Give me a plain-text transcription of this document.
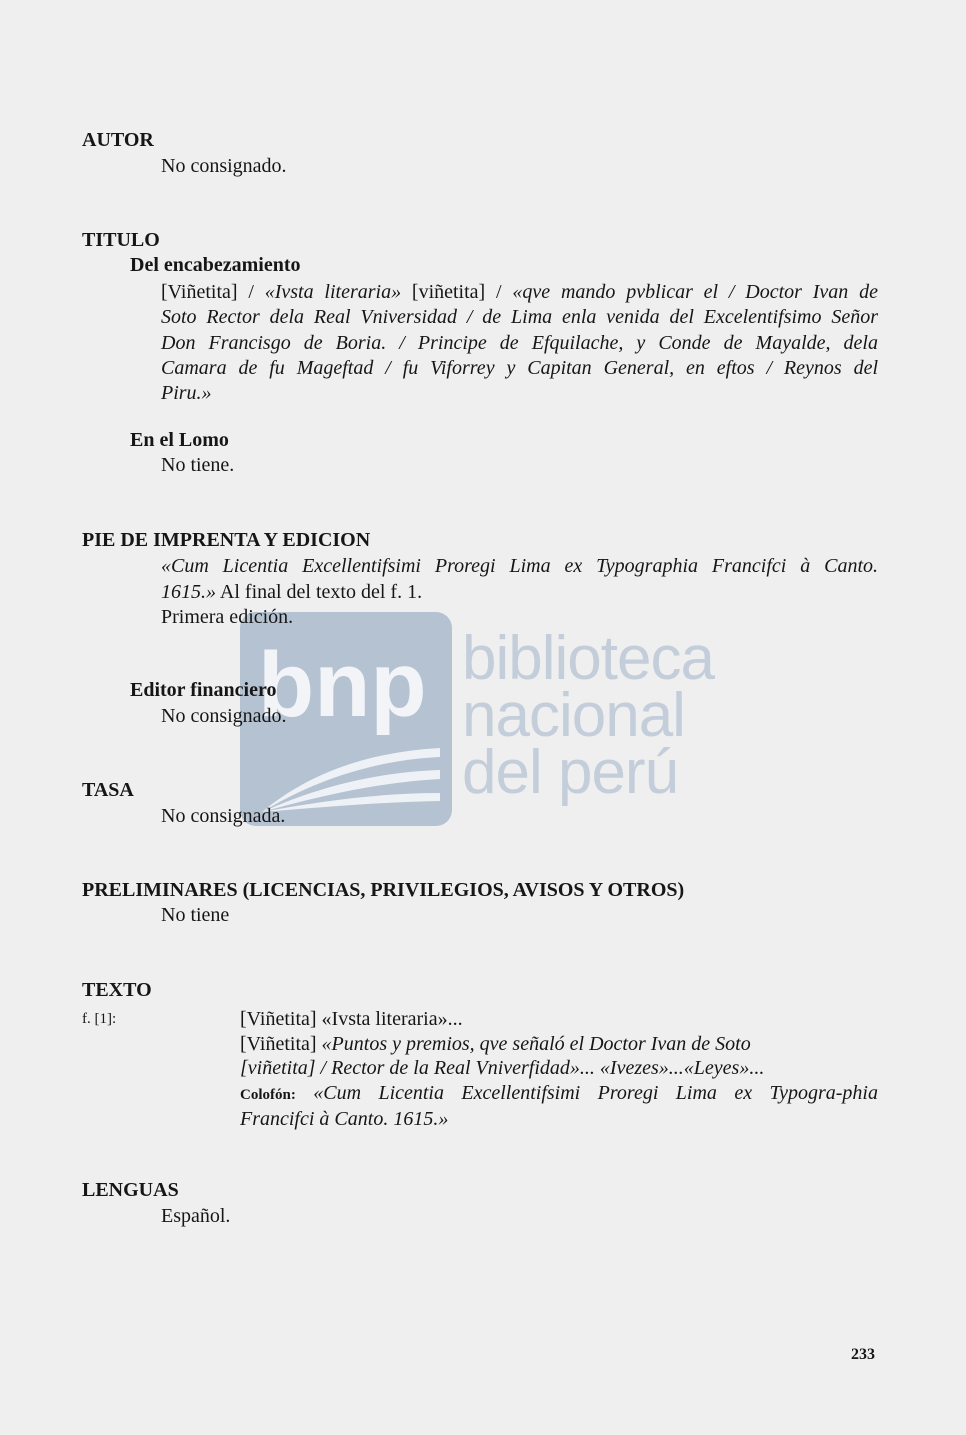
bnp biblioteca
nacional
del perú
AUTOR
No consignado.
TITULO
Del encabezamiento
[Viñetita] / «Ivsta literaria» [viñetita] / «qve mando pvblicar el / Doctor Ivan de
Soto Rector dela Real Vniversidad / de Lima enla venida del Excelentifsimo Señor
Don Francisgo de Boria. / Principe de Efquilache, y Conde de Mayalde, dela
Camara de fu Mageftad / fu Viforrey y Capitan General, en eftos / Reynos del
Piru.»
En el Lomo
No tiene.
PIE DE IMPRENTA Y EDICION
«Cum Licentia Excellentifsimi Proregi Lima ex Typographia Francifci à Canto.
1615.» Al final del texto del f. 1.
Primera edición.
Editor financiero
No consignado.
TASA
No consignada.
PRELIMINARES (LICENCIAS, PRIVILEGIOS, AVISOS Y OTROS)
No tiene
TEXTO
f. [1]:	[Viñetita] «Ivsta literaria»...
[Viñetita] «Puntos y premios, qve señaló el Doctor Ivan de Soto
[viñetita] / Rector de la Real Vniverfidad»... «Ivezes»...«Leyes»...
Colofón: «Cum Licentia Excellentifsimi Proregi Lima ex Typogra-phia
Francifci à Canto. 1615.»
LENGUAS
Español.
233
